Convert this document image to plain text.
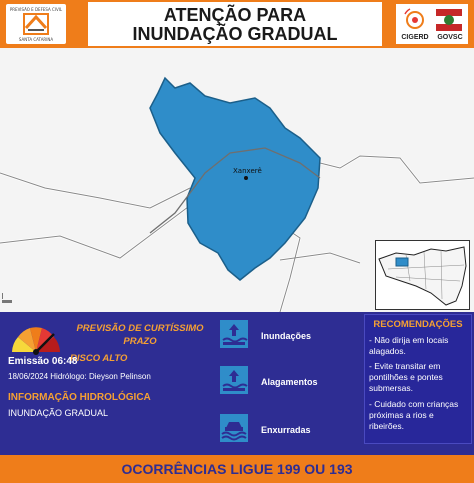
PREVISÃO E DEFESA CIVIL
SANTA CATARINA
ATENÇÃO PARA
INUNDAÇÃO GRADUAL	CIGERD	GOVSC
Xanxerê
PREVISÃO DE CURTÍSSIMO PRAZO
RISCO ALTO
Emissão 06:48
18/06/2024 Hidrólogo: Dieyson Pelinson
INFORMAÇÃO HIDROLÓGICA
INUNDAÇÃO GRADUAL
Inundações
Alagamentos
Enxurradas
RECOMENDAÇÕES
- Não dirija em locais alagados.
- Evite transitar em pontilhões e pontes submersas.
- Cuidado com crianças próximas a rios e ribeirões.
OCORRÊNCIAS LIGUE 199 OU 193
